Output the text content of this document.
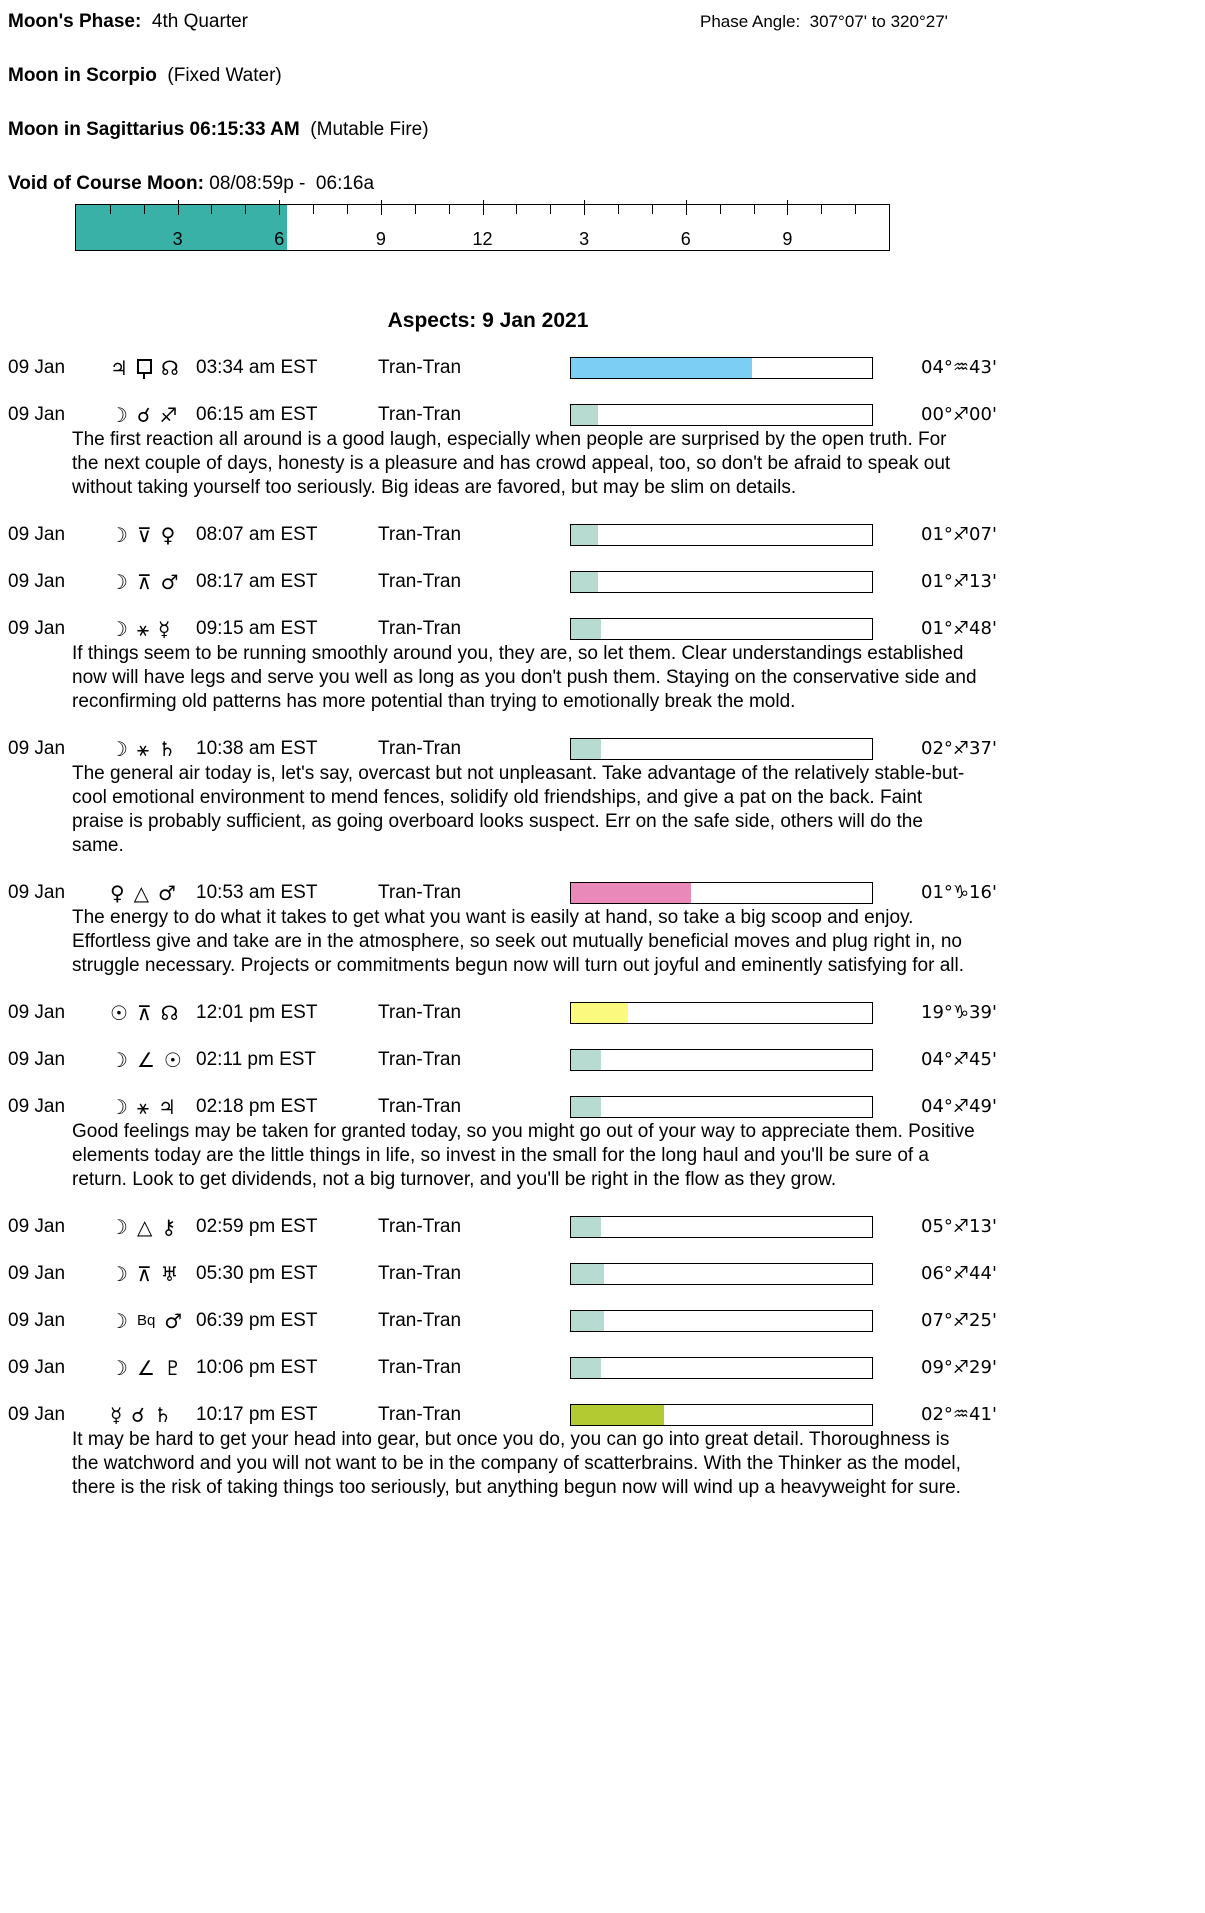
Moon's Phase: 4th Quarter	Phase Angle: 307°07' to 320°27'
Moon in Scorpio  (Fixed Water)
Moon in Sagittarius 06:15:33 AM  (Mutable Fire)
Void of Course Moon: 08/08:59p -  06:16a
3	6	9	12	3	6	9
Aspects: 9 Jan 2021
09 Jan	♃ ☊ 03:34 am EST	Tran-Tran	04°♒43'
09 Jan	☽ ☌ ♐ 06:15 am EST	Tran-Tran	00°♐00'
The first reaction all around is a good laugh, especially when people are surprised by the open truth. For the next couple of days, honesty is a pleasure and has crowd appeal, too, so don't be afraid to speak out without taking yourself too seriously. Big ideas are favored, but may be slim on details.
09 Jan	☽ ⊽ ♀ 08:07 am EST	Tran-Tran	01°♐07'
09 Jan	☽ ⊼ ♂ 08:17 am EST	Tran-Tran	01°♐13'
09 Jan	☽ ⚹ ☿ 09:15 am EST	Tran-Tran	01°♐48'
If things seem to be running smoothly around you, they are, so let them. Clear understandings established now will have legs and serve you well as long as you don't push them. Staying on the conservative side and reconfirming old patterns has more potential than trying to emotionally break the mold.
09 Jan	☽ ⚹ ♄ 10:38 am EST	Tran-Tran	02°♐37'
The general air today is, let's say, overcast but not unpleasant. Take advantage of the relatively stable-but-cool emotional environment to mend fences, solidify old friendships, and give a pat on the back. Faint praise is probably sufficient, as going overboard looks suspect. Err on the safe side, others will do the same.
09 Jan	♀ △ ♂ 10:53 am EST	Tran-Tran	01°♑16'
The energy to do what it takes to get what you want is easily at hand, so take a big scoop and enjoy. Effortless give and take are in the atmosphere, so seek out mutually beneficial moves and plug right in, no struggle necessary. Projects or commitments begun now will turn out joyful and eminently satisfying for all.
09 Jan	☉ ⊼ ☊ 12:01 pm EST	Tran-Tran	19°♑39'
09 Jan	☽ ∠ ☉ 02:11 pm EST	Tran-Tran	04°♐45'
09 Jan	☽ ⚹ ♃ 02:18 pm EST	Tran-Tran	04°♐49'
Good feelings may be taken for granted today, so you might go out of your way to appreciate them. Positive elements today are the little things in life, so invest in the small for the long haul and you'll be sure of a return. Look to get dividends, not a big turnover, and you'll be right in the flow as they grow.
09 Jan	☽ △ ⚷ 02:59 pm EST	Tran-Tran	05°♐13'
09 Jan	☽ ⊼ ♅ 05:30 pm EST	Tran-Tran	06°♐44'
09 Jan	☽ Bq ♂ 06:39 pm EST	Tran-Tran	07°♐25'
09 Jan	☽ ∠ ♇ 10:06 pm EST	Tran-Tran	09°♐29'
09 Jan	☿ ☌ ♄ 10:17 pm EST	Tran-Tran	02°♒41'
It may be hard to get your head into gear, but once you do, you can go into great detail. Thoroughness is the watchword and you will not want to be in the company of scatterbrains. With the Thinker as the model, there is the risk of taking things too seriously, but anything begun now will wind up a heavyweight for sure.
